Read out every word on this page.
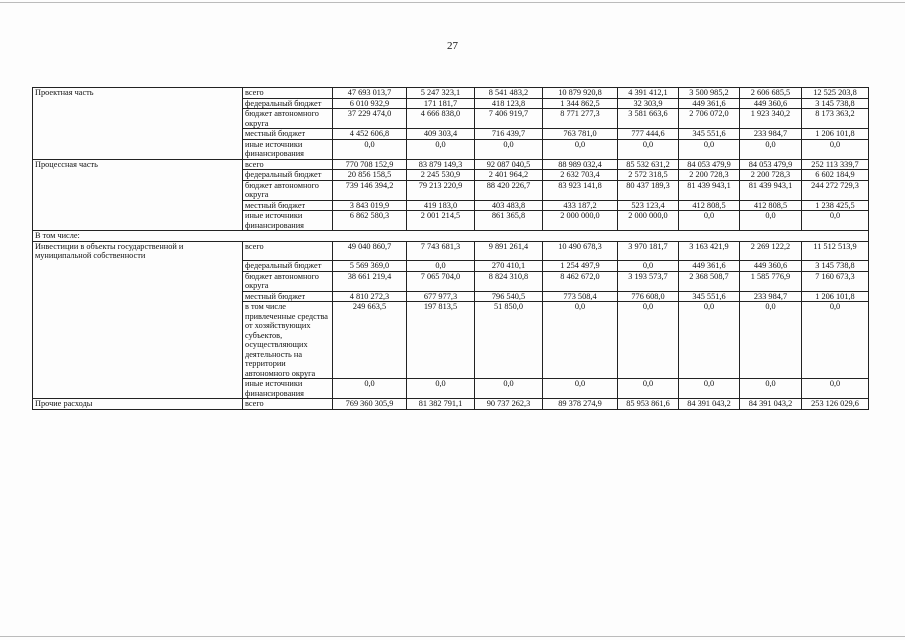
27
Проектная часть	всего	47 693 013,7	5 247 323,1	8 541 483,2	10 879 920,8	4 391 412,1	3 500 985,2	2 606 685,5	12 525 203,8
	федеральный бюджет	6 010 932,9	171 181,7	418 123,8	1 344 862,5	32 303,9	449 361,6	449 360,6	3 145 738,8
	бюджет автономного округа	37 229 474,0	4 666 838,0	7 406 919,7	8 771 277,3	3 581 663,6	2 706 072,0	1 923 340,2	8 173 363,2
	местный бюджет	4 452 606,8	409 303,4	716 439,7	763 781,0	777 444,6	345 551,6	233 984,7	1 206 101,8
	иные источники финансирования	0,0	0,0	0,0	0,0	0,0	0,0	0,0	0,0
Процессная часть	всего	770 708 152,9	83 879 149,3	92 087 040,5	88 989 032,4	85 532 631,2	84 053 479,9	84 053 479,9	252 113 339,7
	федеральный бюджет	20 856 158,5	2 245 530,9	2 401 964,2	2 632 703,4	2 572 318,5	2 200 728,3	2 200 728,3	6 602 184,9
	бюджет автономного округа	739 146 394,2	79 213 220,9	88 420 226,7	83 923 141,8	80 437 189,3	81 439 943,1	81 439 943,1	244 272 729,3
	местный бюджет	3 843 019,9	419 183,0	403 483,8	433 187,2	523 123,4	412 808,5	412 808,5	1 238 425,5
	иные источники финансирования	6 862 580,3	2 001 214,5	861 365,8	2 000 000,0	2 000 000,0	0,0	0,0	0,0
В том числе:									
Инвестиции в объекты государственной и муниципальной собственности	всего	49 040 860,7	7 743 681,3	9 891 261,4	10 490 678,3	3 970 181,7	3 163 421,9	2 269 122,2	11 512 513,9
	федеральный бюджет	5 569 369,0	0,0	270 410,1	1 254 497,9	0,0	449 361,6	449 360,6	3 145 738,8
	бюджет автономного округа	38 661 219,4	7 065 704,0	8 824 310,8	8 462 672,0	3 193 573,7	2 368 508,7	1 585 776,9	7 160 673,3
	местный бюджет	4 810 272,3	677 977,3	796 540,5	773 508,4	776 608,0	345 551,6	233 984,7	1 206 101,8
	в том числе привлеченные средства от хозяйствующих субъектов, осуществляющих деятельность на территории автономного округа	249 663,5	197 813,5	51 850,0	0,0	0,0	0,0	0,0	0,0
	иные источники финансирования	0,0	0,0	0,0	0,0	0,0	0,0	0,0	0,0
Прочие расходы	всего	769 360 305,9	81 382 791,1	90 737 262,3	89 378 274,9	85 953 861,6	84 391 043,2	84 391 043,2	253 126 029,6
